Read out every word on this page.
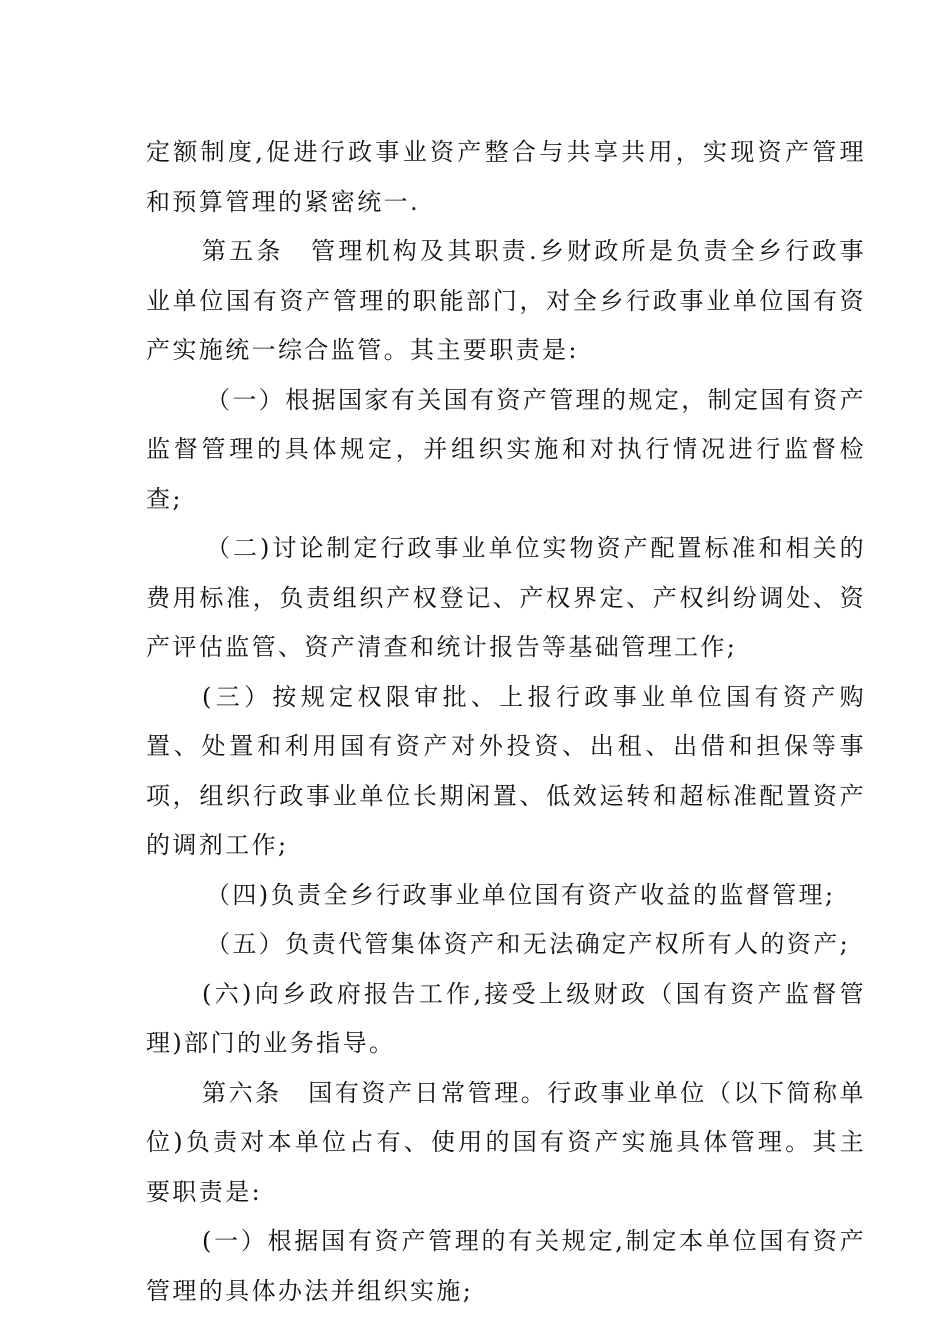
定额制度,促进行政事业资产整合与共享共用，实现资产管理和预算管理的紧密统一.

第五条　管理机构及其职责.乡财政所是负责全乡行政事业单位国有资产管理的职能部门，对全乡行政事业单位国有资产实施统一综合监管。其主要职责是:

（一）根据国家有关国有资产管理的规定，制定国有资产监督管理的具体规定，并组织实施和对执行情况进行监督检查;

（二)讨论制定行政事业单位实物资产配置标准和相关的费用标准，负责组织产权登记、产权界定、产权纠纷调处、资产评估监管、资产清查和统计报告等基础管理工作;

(三）按规定权限审批、上报行政事业单位国有资产购置、处置和利用国有资产对外投资、出租、出借和担保等事项，组织行政事业单位长期闲置、低效运转和超标准配置资产的调剂工作;

（四)负责全乡行政事业单位国有资产收益的监督管理;

（五）负责代管集体资产和无法确定产权所有人的资产;

(六)向乡政府报告工作,接受上级财政（国有资产监督管理)部门的业务指导。

第六条　国有资产日常管理。行政事业单位（以下简称单位)负责对本单位占有、使用的国有资产实施具体管理。其主要职责是:

(一）根据国有资产管理的有关规定,制定本单位国有资产管理的具体办法并组织实施;
